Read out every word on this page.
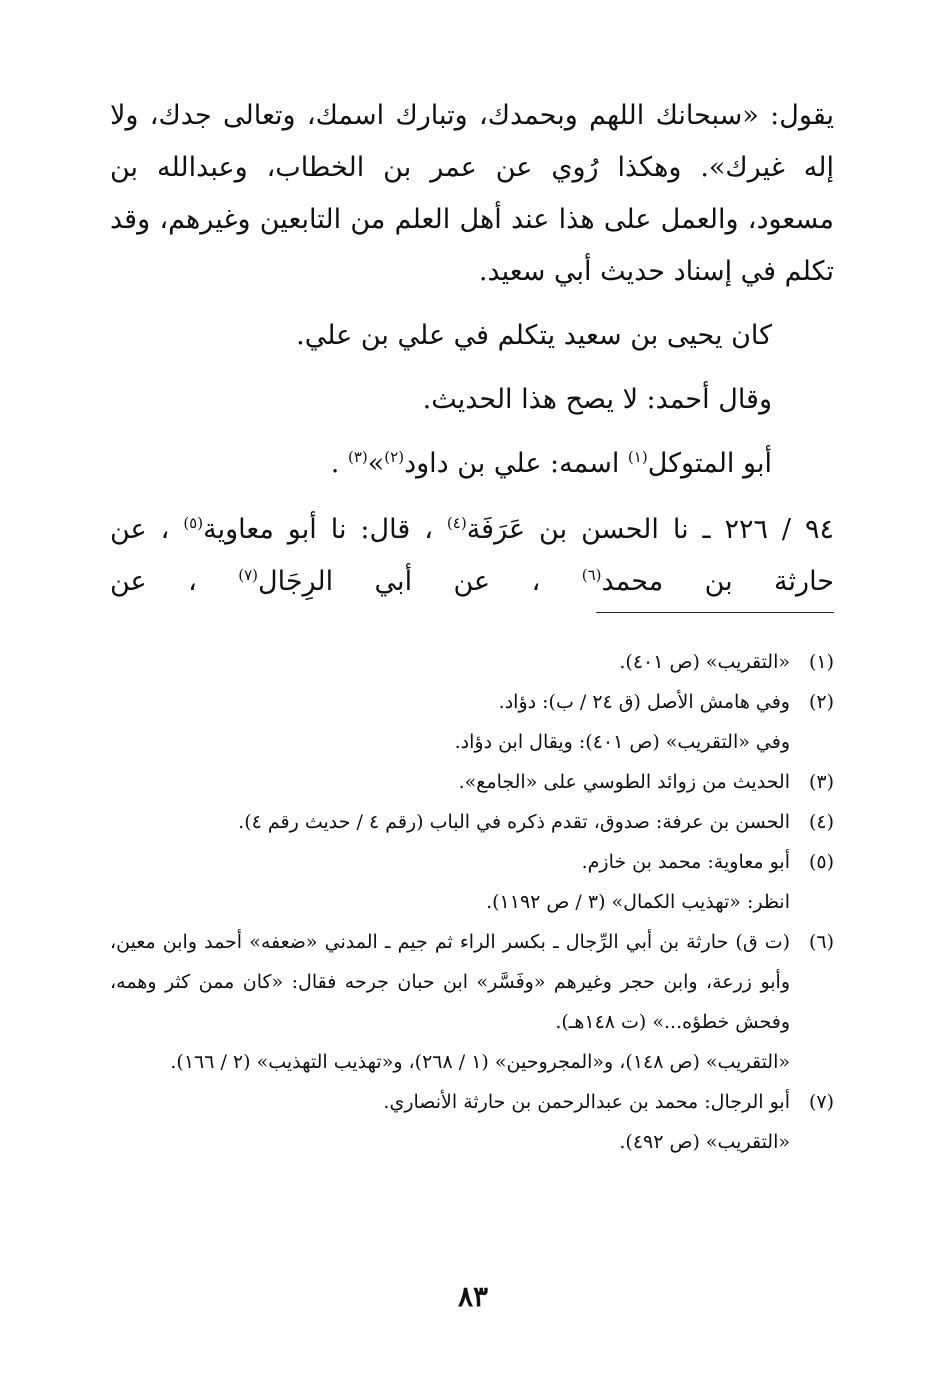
يقول: «سبحانك اللهم وبحمدك، وتبارك اسمك، وتعالى جدك، ولا إله غيرك». وهكذا رُوي عن عمر بن الخطاب، وعبدالله بن مسعود، والعمل على هذا عند أهل العلم من التابعين وغيرهم، وقد تكلم في إسناد حديث أبي سعيد.

كان يحيى بن سعيد يتكلم في علي بن علي.

وقال أحمد: لا يصح هذا الحديث.

أبو المتوكل$^{(١)}$ اسمه: علي بن داود$^{(٢)}$»$^{(٣)}$ .

٩٤ / ٢٢٦ ـ نا الحسن بن عَرَفَة$^{(٤)}$ ، قال: نا أبو معاوية$^{(٥)}$ ، عن

حارثة بن محمد$^{(٦)}$ ، عن أبي الرِجَال$^{(٧)}$ ، عن

(١)
«التقريب» (ص ٤٠١).
(٢)
وفي هامش الأصل (ق ٢٤ / ب): دؤاد.
وفي «التقريب» (ص ٤٠١): ويقال ابن دؤاد.
(٣)
الحديث من زوائد الطوسي على «الجامع».
(٤)
الحسن بن عرفة: صدوق، تقدم ذكره في الباب (رقم ٤ / حديث رقم ٤).
(٥)
أبو معاوية: محمد بن خازم.
انظر: «تهذيب الكمال» (٣ / ص ١١٩٢).
(٦)
(ت ق) حارثة بن أبي الرِّجال ـ بكسر الراء ثم جيم ـ المدني «ضعفه» أحمد وابن معين، وأبو زرعة، وابن حجر وغيرهم «وفَسَّر» ابن حبان جرحه فقال: «كان ممن كثر وهمه، وفحش خطؤه...» (ت ١٤٨هـ).
«التقريب» (ص ١٤٨)، و«المجروحين» (١ / ٢٦٨)، و«تهذيب التهذيب» (٢ / ١٦٦).
(٧)
أبو الرجال: محمد بن عبدالرحمن بن حارثة الأنصاري.
«التقريب» (ص ٤٩٢).
٨٣
